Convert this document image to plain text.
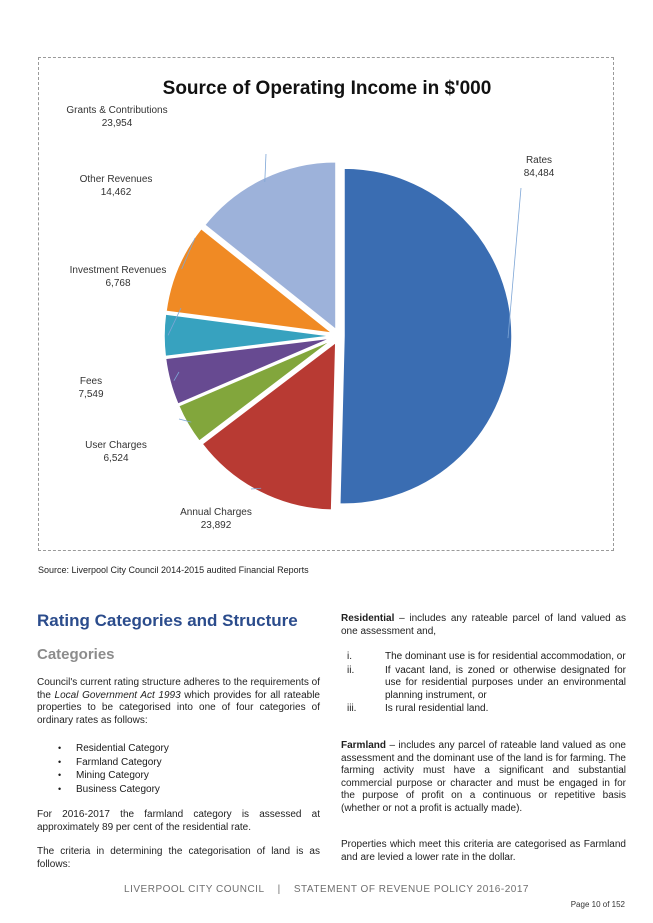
Source of Operating Income in $'000
Rates 84,484
Annual Charges 23,892
User Charges 6,524
Fees 7,549
Investment Revenues 6,768
Other Revenues 14,462
Grants & Contributions 23,954
Source: Liverpool City Council 2014-2015 audited Financial Reports
Rating Categories and Structure
Categories
Council's current rating structure adheres to the requirements of the Local Government Act 1993 which provides for all rateable properties to be categorised into one of four categories of ordinary rates as follows:
• Residential Category
• Farmland Category
• Mining Category
• Business Category
For 2016-2017 the farmland category is assessed at approximately 89 per cent of the residential rate.
The criteria in determining the categorisation of land is as follows:
Residential – includes any rateable parcel of land valued as one assessment and,
i.	The dominant use is for residential accommodation, or
ii.	If vacant land, is zoned or otherwise designated for use for residential purposes under an environmental planning instrument, or
iii.	Is rural residential land.
Farmland – includes any parcel of rateable land valued as one assessment and the dominant use of the land is for farming. The farming activity must have a significant and substantial commercial purpose or character and must be engaged in for the purpose of profit on a continuous or repetitive basis (whether or not a profit is actually made).
Properties which meet this criteria are categorised as Farmland and are levied a lower rate in the dollar.
LIVERPOOL CITY COUNCIL | STATEMENT OF REVENUE POLICY 2016-2017
Page 10 of 152
